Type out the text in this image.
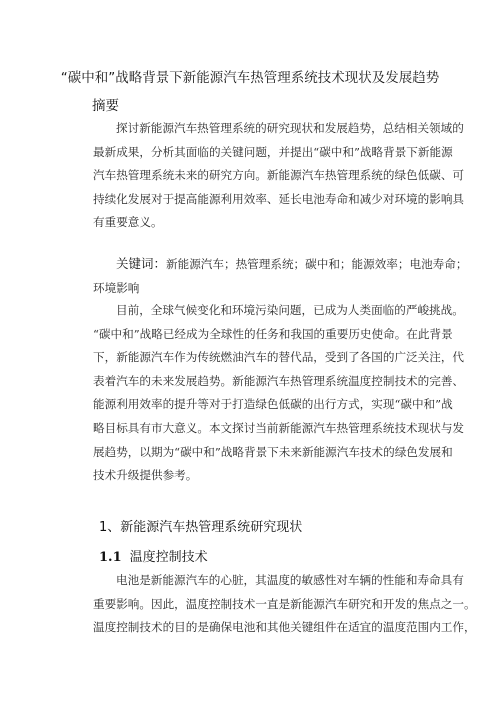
“碳中和”战略背景下新能源汽车热管理系统技术现状及发展趋势
摘要
探讨新能源汽车热管理系统的研究现状和发展趋势，总结相关领域的
最新成果，分析其面临的关键问题，并提出“碳中和”战略背景下新能源
汽车热管理系统未来的研究方向。新能源汽车热管理系统的绿色低碳、可
持续化发展对于提高能源利用效率、延长电池寿命和减少对环境的影响具
有重要意义。
关键词：新能源汽车；热管理系统；碳中和；能源效率；电池寿命；
环境影响
目前，全球气候变化和环境污染问题，已成为人类面临的严峻挑战。
“碳中和”战略已经成为全球性的任务和我国的重要历史使命。在此背景
下，新能源汽车作为传统燃油汽车的替代品，受到了各国的广泛关注，代
表着汽车的未来发展趋势。新能源汽车热管理系统温度控制技术的完善、
能源利用效率的提升等对于打造绿色低碳的出行方式，实现“碳中和”战
略目标具有市大意义。本文探讨当前新能源汽车热管理系统技术现状与发
展趋势，以期为“碳中和”战略背景下未来新能源汽车技术的绿色发展和
技术升级提供参考。
1、新能源汽车热管理系统研究现状
1.1 温度控制技术
电池是新能源汽车的心脏，其温度的敏感性对车辆的性能和寿命具有
重要影响。因此，温度控制技术一直是新能源汽车研究和开发的焦点之一。
温度控制技术的目的是确保电池和其他关键组件在适宜的温度范围内工作，
